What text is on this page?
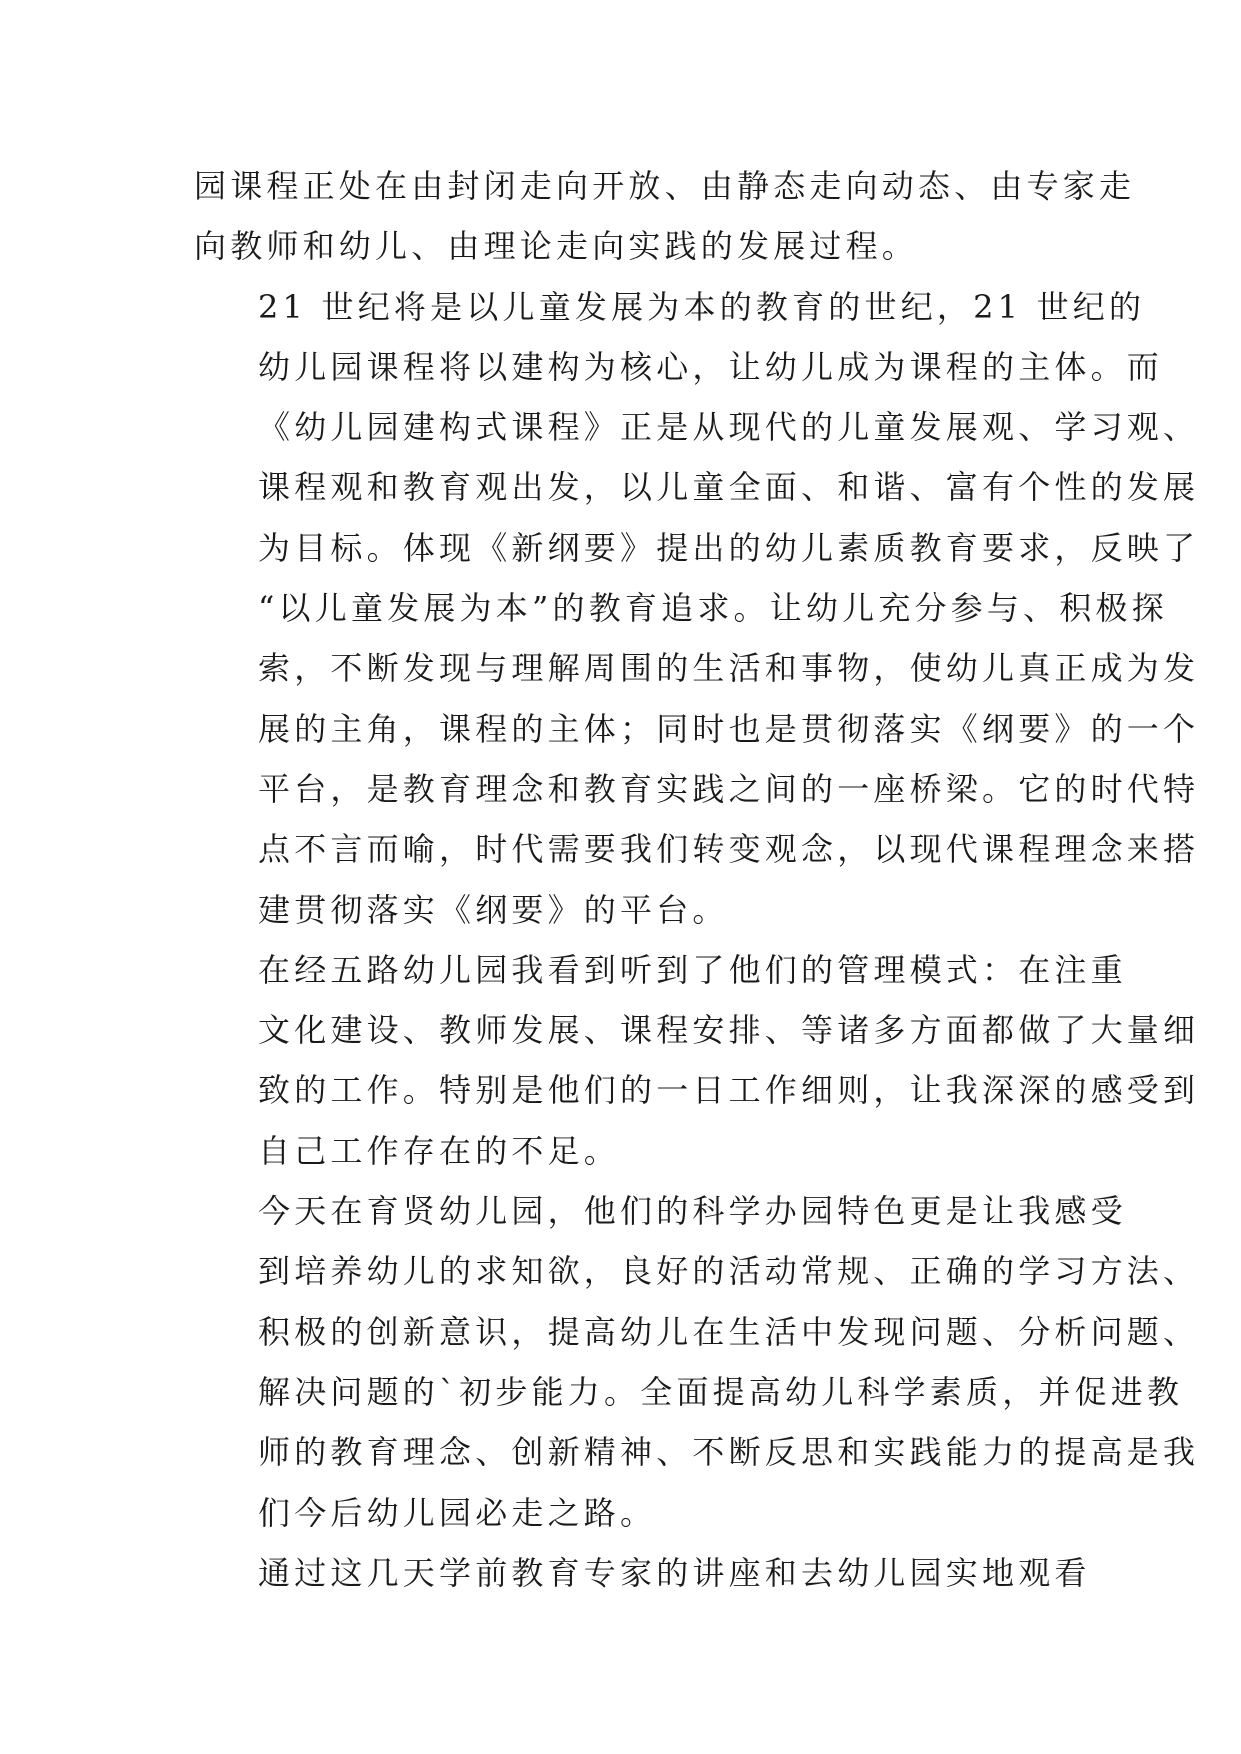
园课程正处在由封闭走向开放、由静态走向动态、由专家走
向教师和幼儿、由理论走向实践的发展过程。

21 世纪将是以儿童发展为本的教育的世纪，21 世纪的
幼儿园课程将以建构为核心，让幼儿成为课程的主体。而
《幼儿园建构式课程》正是从现代的儿童发展观、学习观、
课程观和教育观出发，以儿童全面、和谐、富有个性的发展
为目标。体现《新纲要》提出的幼儿素质教育要求，反映了
“以儿童发展为本”的教育追求。让幼儿充分参与、积极探
索，不断发现与理解周围的生活和事物，使幼儿真正成为发
展的主角，课程的主体；同时也是贯彻落实《纲要》的一个
平台，是教育理念和教育实践之间的一座桥梁。它的时代特
点不言而喻，时代需要我们转变观念，以现代课程理念来搭
建贯彻落实《纲要》的平台。

在经五路幼儿园我看到听到了他们的管理模式：在注重
文化建设、教师发展、课程安排、等诸多方面都做了大量细
致的工作。特别是他们的一日工作细则，让我深深的感受到
自己工作存在的不足。

今天在育贤幼儿园，他们的科学办园特色更是让我感受
到培养幼儿的求知欲，良好的活动常规、正确的学习方法、
积极的创新意识，提高幼儿在生活中发现问题、分析问题、
解决问题的`初步能力。全面提高幼儿科学素质，并促进教
师的教育理念、创新精神、不断反思和实践能力的提高是我
们今后幼儿园必走之路。

通过这几天学前教育专家的讲座和去幼儿园实地观看
